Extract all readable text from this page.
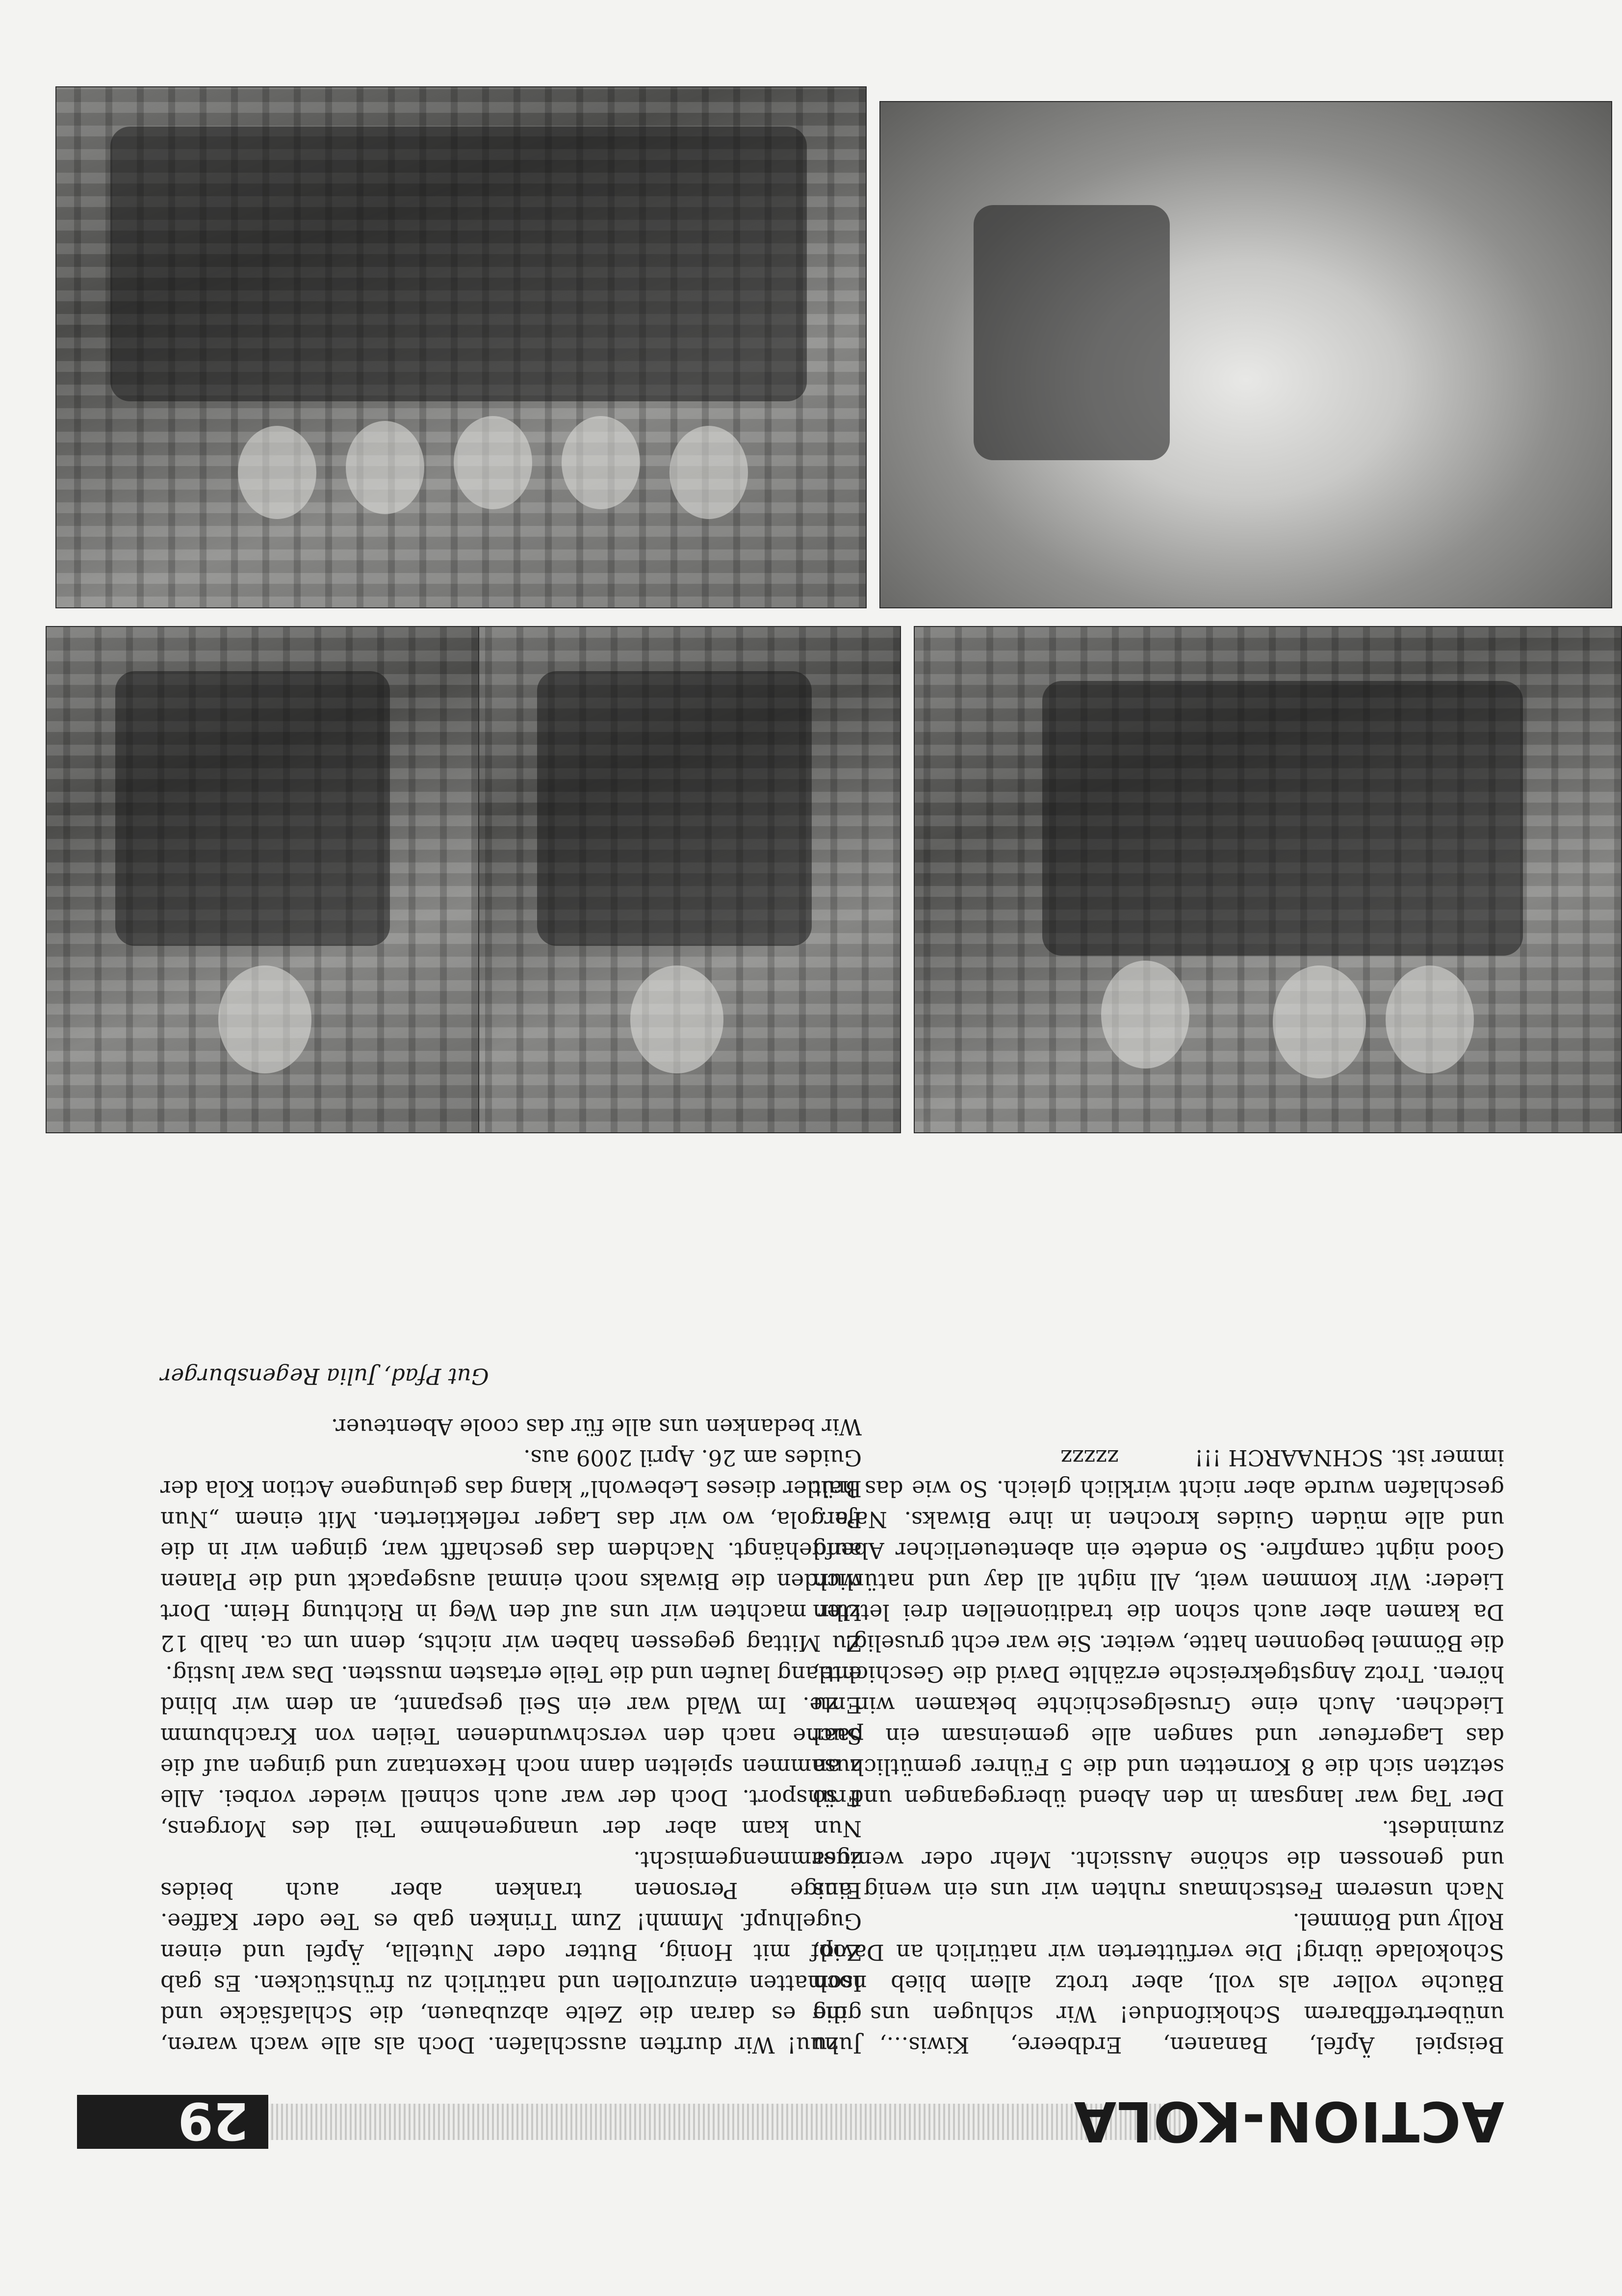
29	ACTION-KOLA

Beispiel Äpfel, Bananen, Erdbeere, Kiwis…, zu unübertreffbarem Schokifondue! Wir schlugen uns die Bäuche voller als voll, aber trotz allem blieb noch Schokolade übrig! Die verfütterten wir natürlich an David, Rolly und Bömmel.

Nach unserem Festschmaus ruhten wir uns ein wenig aus und genossen die schöne Aussicht. Mehr oder weniger zumindest.

Der Tag war langsam in den Abend übergegangen und so setzten sich die 8 Kornetten und die 5 Führer gemütlich an das Lagerfeuer und sangen alle gemeinsam ein paar Liedchen. Auch eine Gruselgeschichte bekamen wir zu hören. Trotz Angstgekreische erzählte David die Geschichte, die Bömmel begonnen hatte, weiter. Sie war echt gruselig!

Da kamen aber auch schon die traditionellen drei letzten Lieder: Wir kommen weit, All night all day und natürlich Good night campfire. So endete ein abenteuerlicher Abend und alle müden Guides krochen in ihre Biwaks. Naja… geschlafen wurde aber nicht wirklich gleich. So wie das halt immer ist. SCHNAARCH !!!

zzzzz

Juhuu! Wir durften ausschlafen. Doch als alle wach waren, ging es daran die Zelte abzubauen, die Schlafsäcke und Isomatten einzurollen und natürlich zu frühstücken. Es gab Zopf mit Honig, Butter oder Nutella, Äpfel und einen Gugelhupf. Mmmh! Zum Trinken gab es Tee oder Kaffee. Einige Personen tranken aber auch beides zusammengemischt.

Nun kam aber der unangenehme Teil des Morgens, Frühsport. Doch der war auch schnell wieder vorbei. Alle zusammen spielten dann noch Hexentanz und gingen auf die Suche nach den verschwundenen Teilen von Krachbumm Ente. Im Wald war ein Seil gespannt, an dem wir blind entlang laufen und die Teile ertasten mussten. Das war lustig.

Zu Mittag gegessen haben wir nichts, denn um ca. halb 12 Uhr machten wir uns auf den Weg in Richtung Heim. Dort wurden die Biwaks noch einmal ausgepackt und die Planen aufgehängt. Nachdem das geschafft war, gingen wir in die Pergola, wo wir das Lager reflektierten. Mit einem „Nun Brüder dieses Lebewohl“ klang das gelungene Action Kola der Guides am 26. April 2009 aus.

Wir bedanken uns alle für das coole Abenteuer.

Gut Pfad, Julia Regensburger
